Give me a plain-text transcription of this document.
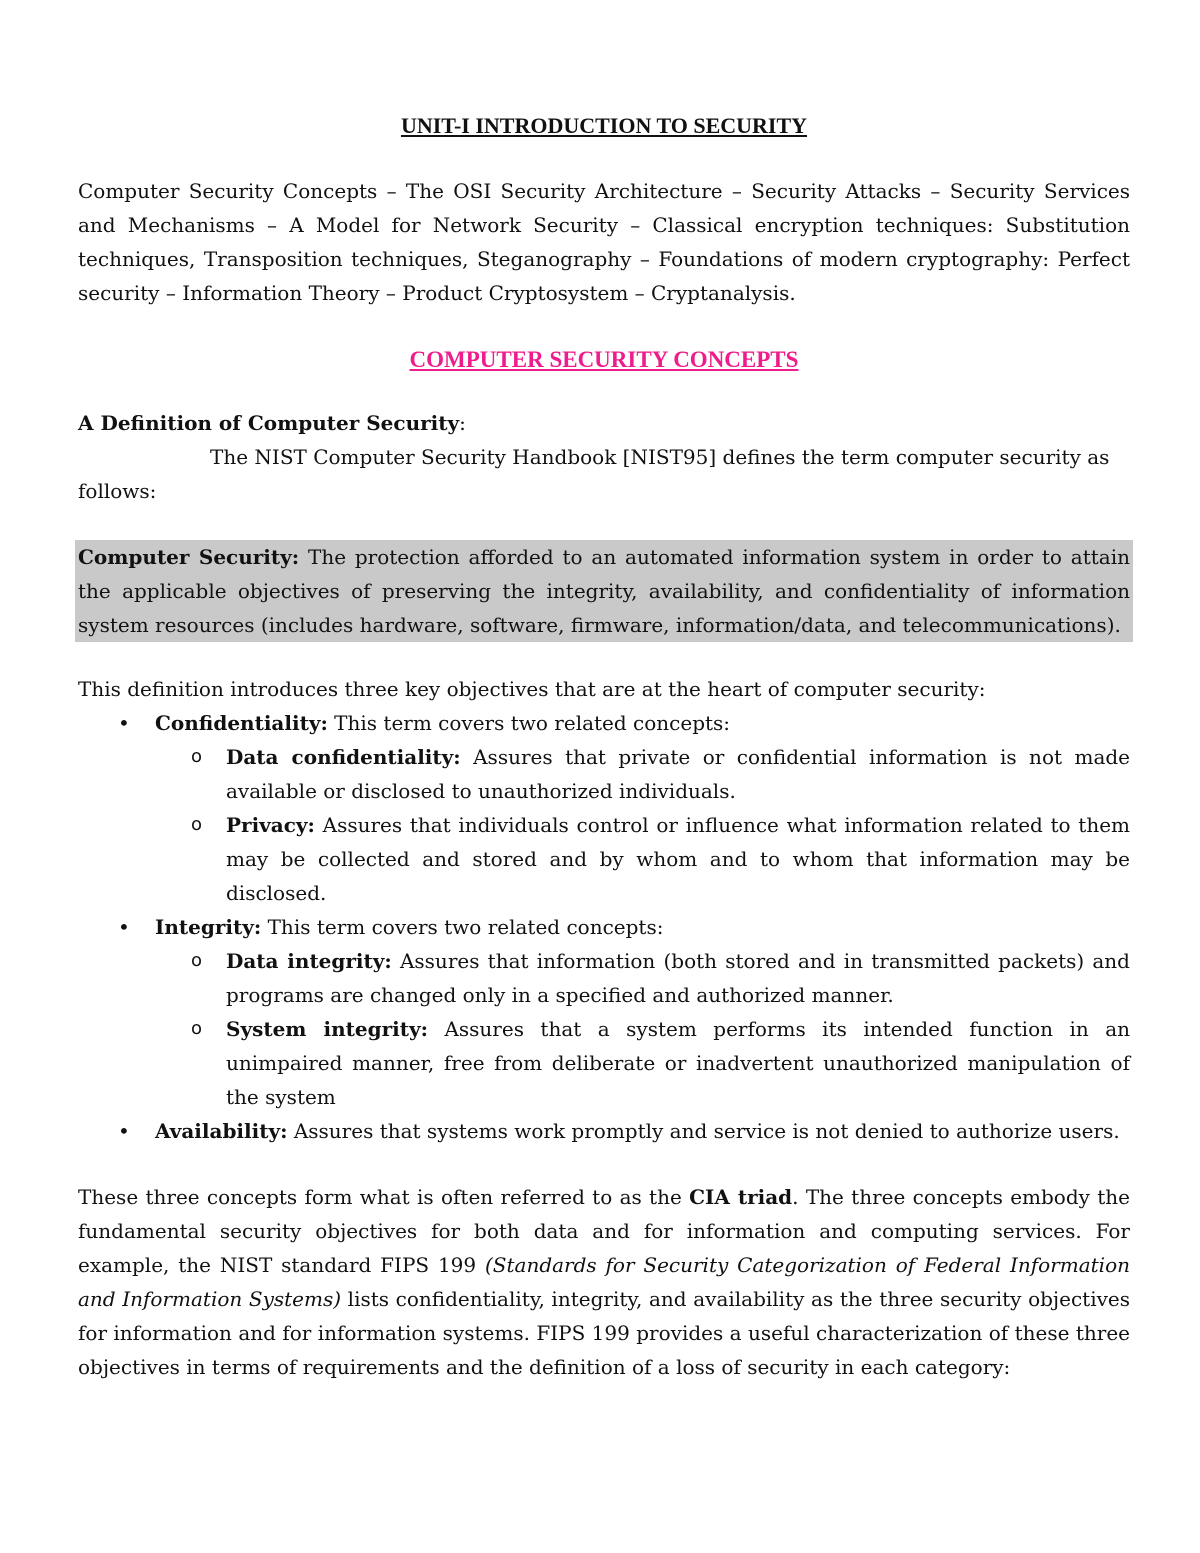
UNIT-I INTRODUCTION TO SECURITY

Computer Security Concepts – The OSI Security Architecture – Security Attacks – Security Services and Mechanisms – A Model for Network Security – Classical encryption techniques: Substitution techniques, Transposition techniques, Steganography – Foundations of modern cryptography: Perfect security – Information Theory – Product Cryptosystem – Cryptanalysis.

COMPUTER SECURITY CONCEPTS

A Definition of Computer Security:

The NIST Computer Security Handbook [NIST95] defines the term computer security as follows:

Computer Security: The protection afforded to an automated information system in order to attain the applicable objectives of preserving the integrity, availability, and confidentiality of information system resources (includes hardware, software, firmware, information/data, and telecommunications).

This definition introduces three key objectives that are at the heart of computer security:

• Confidentiality: This term covers two related concepts:
o Data confidentiality: Assures that private or confidential information is not made available or disclosed to unauthorized individuals.
o Privacy: Assures that individuals control or influence what information related to them may be collected and stored and by whom and to whom that information may be disclosed.
• Integrity: This term covers two related concepts:
o Data integrity: Assures that information (both stored and in transmitted packets) and programs are changed only in a specified and authorized manner.
o System integrity: Assures that a system performs its intended function in an unimpaired manner, free from deliberate or inadvertent unauthorized manipulation of the system
• Availability: Assures that systems work promptly and service is not denied to authorize users.

These three concepts form what is often referred to as the CIA triad. The three concepts embody the fundamental security objectives for both data and for information and computing services. For example, the NIST standard FIPS 199 (Standards for Security Categorization of Federal Information and Information Systems) lists confidentiality, integrity, and availability as the three security objectives for information and for information systems. FIPS 199 provides a useful characterization of these three objectives in terms of requirements and the definition of a loss of security in each category:
